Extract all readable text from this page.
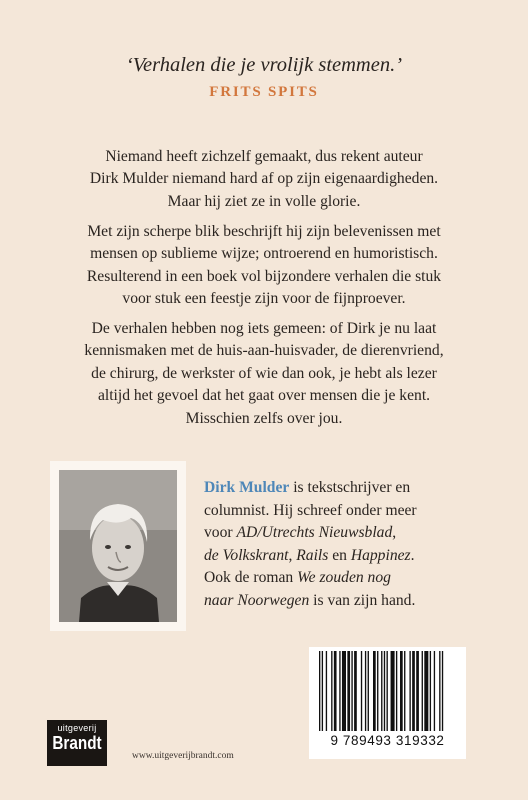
‘Verhalen die je vrolijk stemmen.’
FRITS SPITS
Niemand heeft zichzelf gemaakt, dus rekent auteur
Dirk Mulder niemand hard af op zijn eigenaardigheden.
Maar hij ziet ze in volle glorie.
Met zijn scherpe blik beschrijft hij zijn belevenissen met
mensen op sublieme wijze; ontroerend en humoristisch.
Resulterend in een boek vol bijzondere verhalen die stuk
voor stuk een feestje zijn voor de fijnproever.
De verhalen hebben nog iets gemeen: of Dirk je nu laat
kennismaken met de huis-aan-huisvader, de dierenvriend,
de chirurg, de werkster of wie dan ook, je hebt als lezer
altijd het gevoel dat het gaat over mensen die je kent.
Misschien zelfs over jou.
Dirk Mulder is tekstschrijver en
columnist. Hij schreef onder meer
voor AD/Utrechts Nieuwsblad,
de Volkskrant, Rails en Happinez.
Ook de roman We zouden nog
naar Noorwegen is van zijn hand.
9 789493 319332
uitgeverij
Brandt
www.uitgeverijbrandt.com
